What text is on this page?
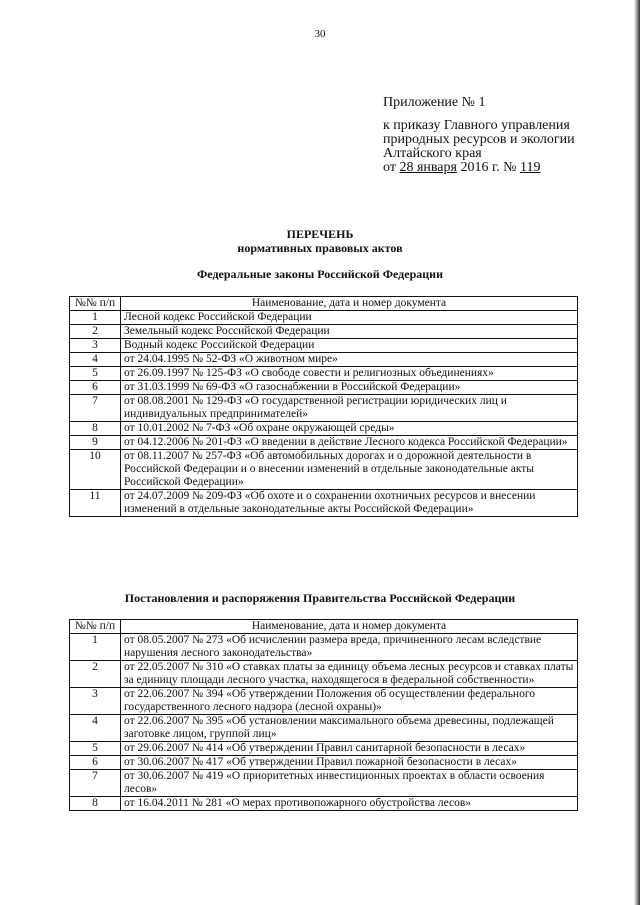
30
Приложение № 1
к приказу Главного управления
природных ресурсов и экологии
Алтайского края
от 28 января 2016 г. № 119
ПЕРЕЧЕНЬ
нормативных правовых актов
Федеральные законы Российской Федерации
№№ п/п	Наименование, дата и номер документа
1	Лесной кодекс Российской Федерации
2	Земельный кодекс Российской Федерации
3	Водный кодекс Российской Федерации
4	от 24.04.1995 № 52-ФЗ «О животном мире»
5	от 26.09.1997 № 125-ФЗ «О свободе совести и религиозных объединениях»
6	от 31.03.1999 № 69-ФЗ «О газоснабжении в Российской Федерации»
7	от 08.08.2001 № 129-ФЗ «О государственной регистрации юридических лиц и индивидуальных предпринимателей»
8	от 10.01.2002 № 7-ФЗ «Об охране окружающей среды»
9	от 04.12.2006 № 201-ФЗ «О введении в действие Лесного кодекса Российской Федерации»
10	от 08.11.2007 № 257-ФЗ «Об автомобильных дорогах и о дорожной деятельности в Российской Федерации и о внесении изменений в отдельные законодательные акты Российской Федерации»
11	от 24.07.2009 № 209-ФЗ «Об охоте и о сохранении охотничьих ресурсов и внесении изменений в отдельные законодательные акты Российской Федерации»
Постановления и распоряжения Правительства Российской Федерации
№№ п/п	Наименование, дата и номер документа
1	от 08.05.2007 № 273 «Об исчислении размера вреда, причиненного лесам вследствие нарушения лесного законодательства»
2	от 22.05.2007 № 310 «О ставках платы за единицу объема лесных ресурсов и ставках платы за единицу площади лесного участка, находящегося в федеральной собственности»
3	от 22.06.2007 № 394 «Об утверждении Положения об осуществлении федерального государственного лесного надзора (лесной охраны)»
4	от 22.06.2007 № 395 «Об установлении максимального объема древесины, подлежащей заготовке лицом, группой лиц»
5	от 29.06.2007 № 414 «Об утверждении Правил санитарной безопасности в лесах»
6	от 30.06.2007 № 417 «Об утверждении Правил пожарной безопасности в лесах»
7	от 30.06.2007 № 419 «О приоритетных инвестиционных проектах в области освоения лесов»
8	от 16.04.2011 № 281 «О мерах противопожарного обустройства лесов»
